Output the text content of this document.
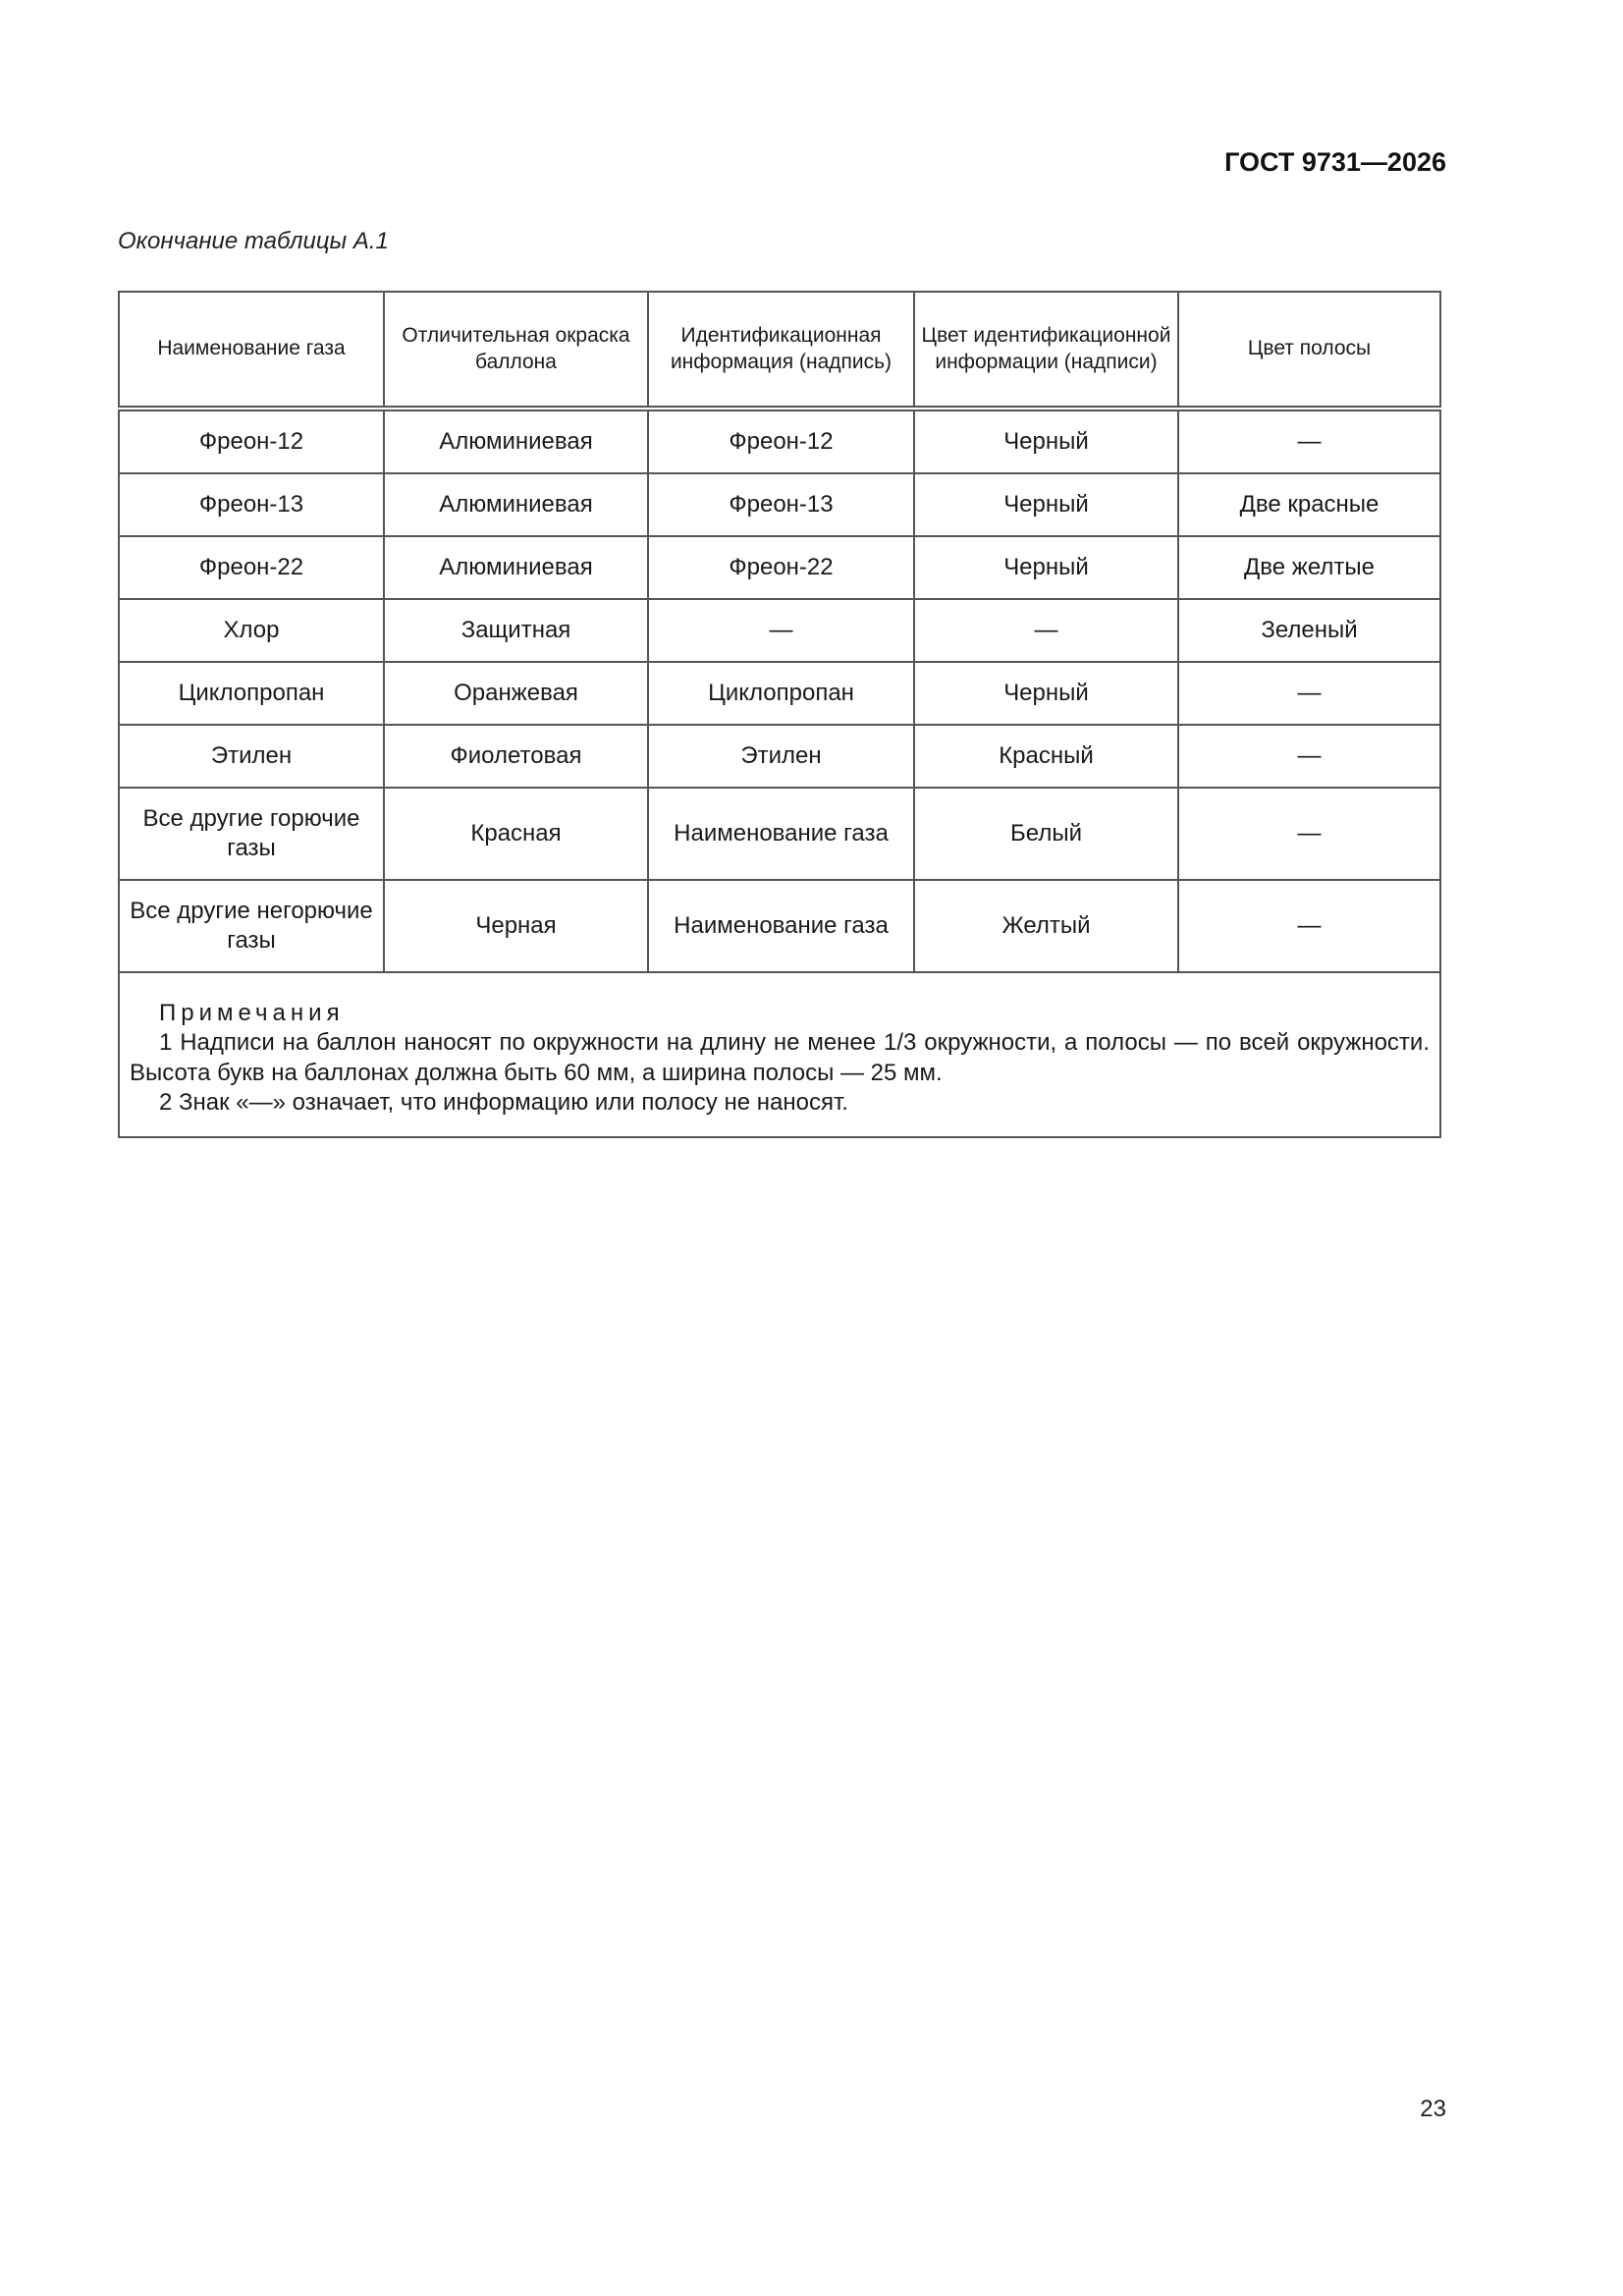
ГОСТ 9731—2026
Окончание таблицы А.1
Наименование газа	Отличительная окраска баллона	Идентификационная информация (надпись)	Цвет идентификационной информации (надписи)	Цвет полосы
Фреон-12	Алюминиевая	Фреон-12	Черный	—
Фреон-13	Алюминиевая	Фреон-13	Черный	Две красные
Фреон-22	Алюминиевая	Фреон-22	Черный	Две желтые
Хлор	Защитная	—	—	Зеленый
Циклопропан	Оранжевая	Циклопропан	Черный	—
Этилен	Фиолетовая	Этилен	Красный	—
Все другие горючие газы	Красная	Наименование газа	Белый	—
Все другие негорючие газы	Черная	Наименование газа	Желтый	—

Примечания
1 Надписи на баллон наносят по окружности на длину не менее 1/3 окружности, а полосы — по всей окружности. Высота букв на баллонах должна быть 60 мм, а ширина полосы — 25 мм.
2 Знак «—» означает, что информацию или полосу не наносят.				
23
